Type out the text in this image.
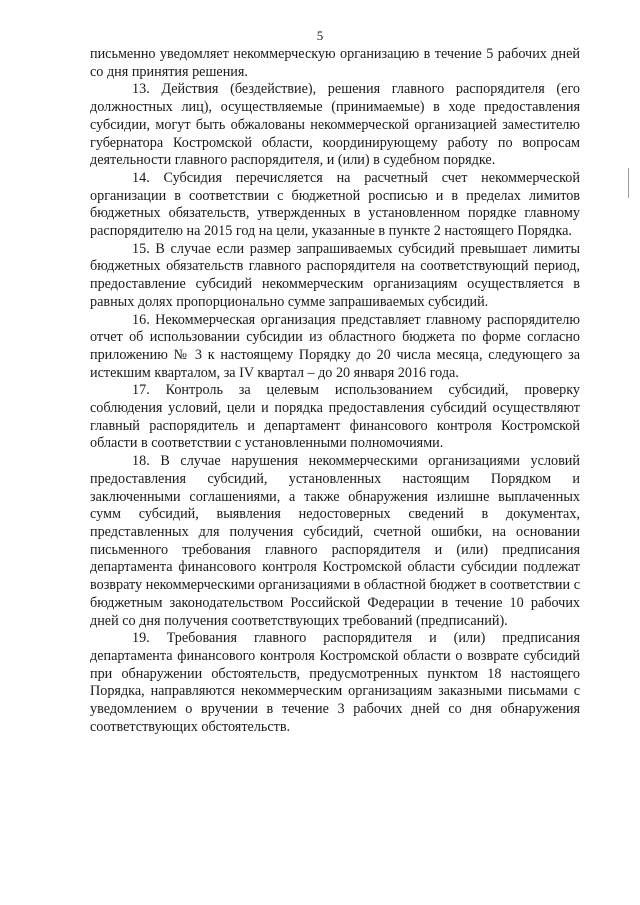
5

письменно уведомляет некоммерческую организацию в течение 5 рабочих дней со дня принятия решения.

13. Действия (бездействие), решения главного распорядителя (его должностных лиц), осуществляемые (принимаемые) в ходе предоставления субсидии, могут быть обжалованы некоммерческой организацией заместителю губернатора Костромской области, координирующему работу по вопросам деятельности главного распорядителя, и (или) в судебном порядке.

14. Субсидия перечисляется на расчетный счет некоммерческой организации в соответствии с бюджетной росписью и в пределах лимитов бюджетных обязательств, утвержденных в установленном порядке главному распорядителю на 2015 год на цели, указанные в пункте 2 настоящего Порядка.

15. В случае если размер запрашиваемых субсидий превышает лимиты бюджетных обязательств главного распорядителя на соответствующий период, предоставление субсидий некоммерческим организациям осуществляется в равных долях пропорционально сумме запрашиваемых субсидий.

16. Некоммерческая организация представляет главному распорядителю отчет об использовании субсидии из областного бюджета по форме согласно приложению № 3 к настоящему Порядку до 20 числа месяца, следующего за истекшим кварталом, за IV квартал – до 20 января 2016 года.

17. Контроль за целевым использованием субсидий, проверку соблюдения условий, цели и порядка предоставления субсидий осуществляют главный распорядитель и департамент финансового контроля Костромской области в соответствии с установленными полномочиями.

18. В случае нарушения некоммерческими организациями условий предоставления субсидий, установленных настоящим Порядком и заключенными соглашениями, а также обнаружения излишне выплаченных сумм субсидий, выявления недостоверных сведений в документах, представленных для получения субсидий, счетной ошибки, на основании письменного требования главного распорядителя и (или) предписания департамента финансового контроля Костромской области субсидии подлежат возврату некоммерческими организациями в областной бюджет в соответствии с бюджетным законодательством Российской Федерации в течение 10 рабочих дней со дня получения соответствующих требований (предписаний).

19. Требования главного распорядителя и (или) предписания департамента финансового контроля Костромской области о возврате субсидий при обнаружении обстоятельств, предусмотренных пунктом 18 настоящего Порядка, направляются некоммерческим организациям заказными письмами с уведомлением о вручении в течение 3 рабочих дней со дня обнаружения соответствующих обстоятельств.
